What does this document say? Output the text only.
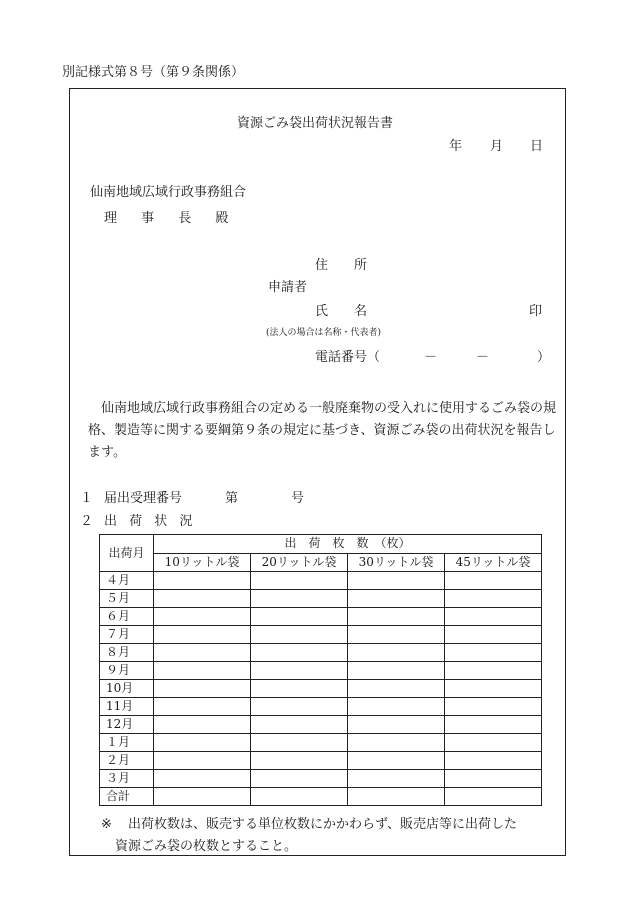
別記様式第８号（第９条関係）
資源ごみ袋出荷状況報告書
年 月 日
仙南地域広域行政事務組合
理 事 長 殿
住　　所
申請者
氏　　名	印
(法人の場合は名称・代表者)
電話番号（	－	－	）
　仙南地域広域行政事務組合の定める一般廃棄物の受入れに使用するごみ袋の規格、製造等に関する要綱第９条の規定に基づき、資源ごみ袋の出荷状況を報告します。
１ 届出受理番号	第	号
２ 出 荷 状 況
出荷月	出　荷　枚　数　（枚）			
	10リットル袋	20リットル袋	30リットル袋	45リットル袋
４月				
５月				
６月				
７月				
８月				
９月				
10月				
11月				
12月				
１月				
２月				
３月				
合計				
※ 出荷枚数は、販売する単位枚数にかかわらず、販売店等に出荷した
資源ごみ袋の枚数とすること。
